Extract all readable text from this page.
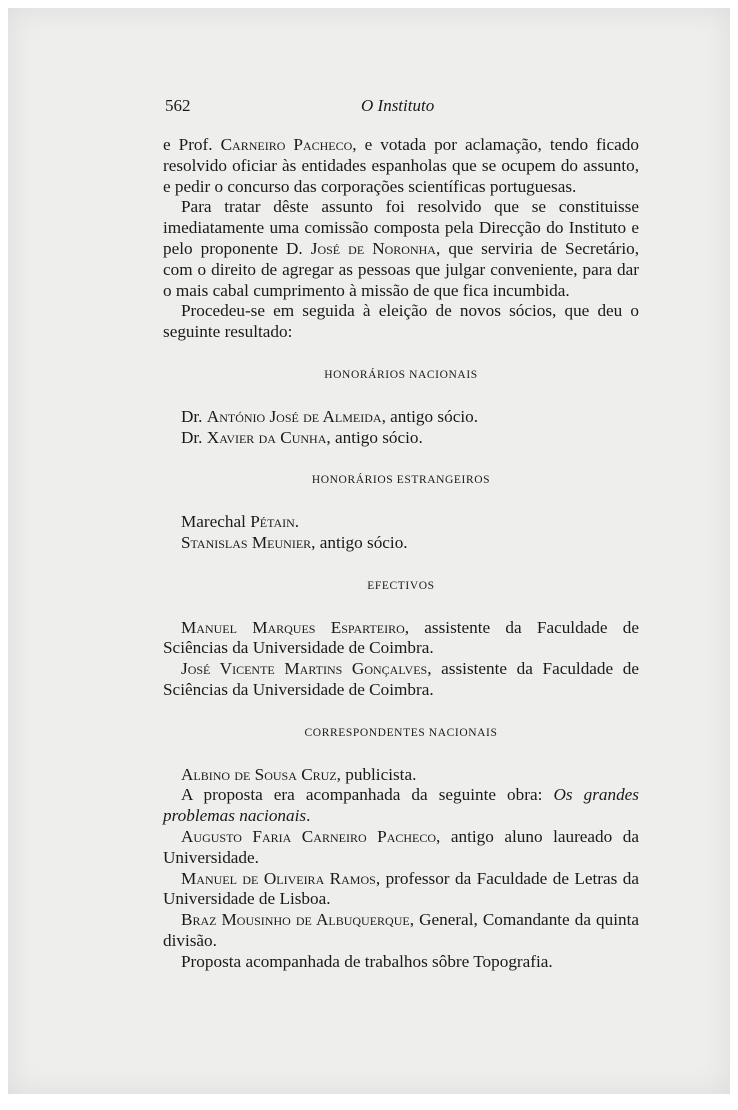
562	O Instituto

e Prof. Carneiro Pacheco, e votada por aclamação, tendo ficado resolvido oficiar às entidades espanholas que se ocupem do assunto, e pedir o concurso das corporações scientíficas portuguesas.

Para tratar dêste assunto foi resolvido que se constituisse imediatamente uma comissão composta pela Direcção do Instituto e pelo proponente D. José de Noronha, que serviria de Secretário, com o direito de agregar as pessoas que julgar conveniente, para dar o mais cabal cumprimento à missão de que fica incumbida.

Procedeu-se em seguida à eleição de novos sócios, que deu o seguinte resultado:

HONORÁRIOS NACIONAIS

Dr. António José de Almeida, antigo sócio.

Dr. Xavier da Cunha, antigo sócio.

HONORÁRIOS ESTRANGEIROS

Marechal Pétain.

Stanislas Meunier, antigo sócio.

EFECTIVOS

Manuel Marques Esparteiro, assistente da Faculdade de Sciências da Universidade de Coimbra.

José Vicente Martins Gonçalves, assistente da Faculdade de Sciências da Universidade de Coimbra.

CORRESPONDENTES NACIONAIS

Albino de Sousa Cruz, publicista.

A proposta era acompanhada da seguinte obra: Os grandes problemas nacionais.

Augusto Faria Carneiro Pacheco, antigo aluno laureado da Universidade.

Manuel de Oliveira Ramos, professor da Faculdade de Letras da Universidade de Lisboa.

Braz Mousinho de Albuquerque, General, Comandante da quinta divisão.

Proposta acompanhada de trabalhos sôbre Topografia.
